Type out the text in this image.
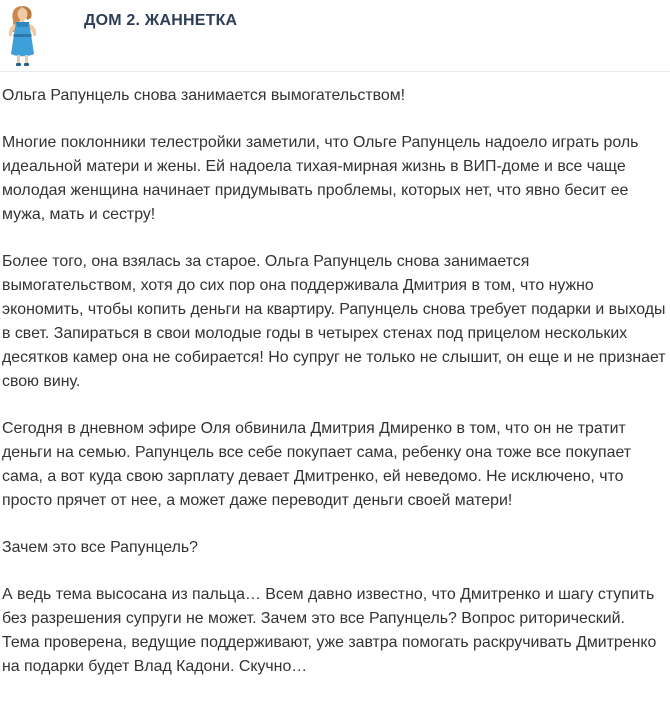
ДОМ 2. ЖАННЕТКА

Ольга Рапунцель снова занимается вымогательством!

Многие поклонники телестройки заметили, что Ольге Рапунцель надоело играть роль идеальной матери и жены. Ей надоела тихая-мирная жизнь в ВИП-доме и все чаще молодая женщина начинает придумывать проблемы, которых нет, что явно бесит ее мужа, мать и сестру!

Более того, она взялась за старое. Ольга Рапунцель снова занимается вымогательством, хотя до сих пор она поддерживала Дмитрия в том, что нужно экономить, чтобы копить деньги на квартиру. Рапунцель снова требует подарки и выходы в свет. Запираться в свои молодые годы в четырех стенах под прицелом нескольких десятков камер она не собирается! Но супруг не только не слышит, он еще и не признает свою вину.

Сегодня в дневном эфире Оля обвинила Дмитрия Дмиренко в том, что он не тратит деньги на семью. Рапунцель все себе покупает сама, ребенку она тоже все покупает сама, а вот куда свою зарплату девает Дмитренко, ей неведомо. Не исключено, что просто прячет от нее, а может даже переводит деньги своей матери!

Зачем это все Рапунцель?

А ведь тема высосана из пальца… Всем давно известно, что Дмитренко и шагу ступить без разрешения супруги не может. Зачем это все Рапунцель? Вопрос риторический. Тема проверена, ведущие поддерживают, уже завтра помогать раскручивать Дмитренко на подарки будет Влад Кадони. Скучно…
